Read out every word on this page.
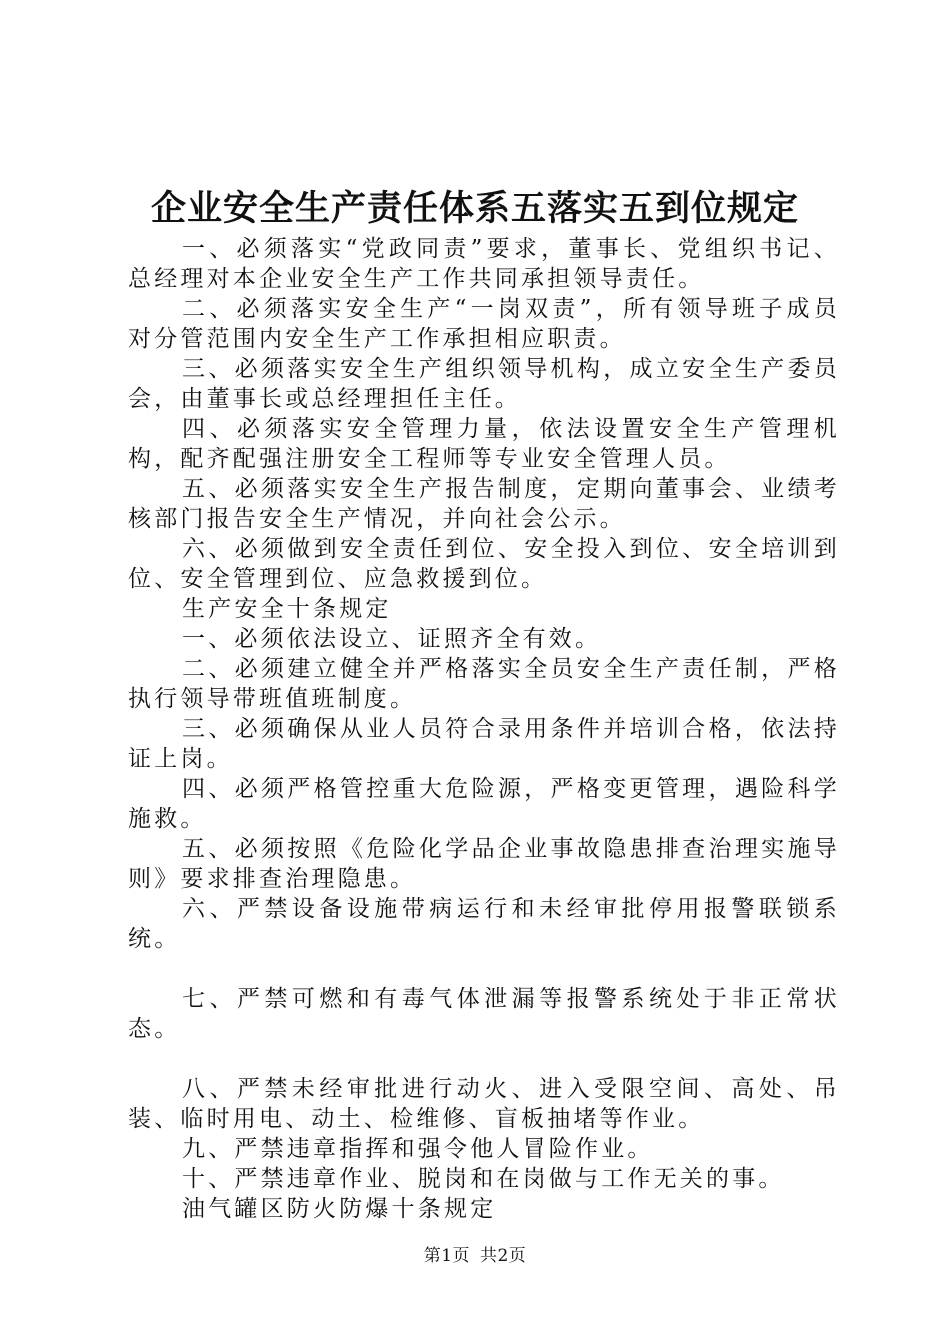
企业安全生产责任体系五落实五到位规定

一、必须落实“党政同责”要求，董事长、党组织书记、总经理对本企业安全生产工作共同承担领导责任。

二、必须落实安全生产“一岗双责”，所有领导班子成员对分管范围内安全生产工作承担相应职责。

三、必须落实安全生产组织领导机构，成立安全生产委员会，由董事长或总经理担任主任。

四、必须落实安全管理力量，依法设置安全生产管理机构，配齐配强注册安全工程师等专业安全管理人员。

五、必须落实安全生产报告制度，定期向董事会、业绩考核部门报告安全生产情况，并向社会公示。

六、必须做到安全责任到位、安全投入到位、安全培训到位、安全管理到位、应急救援到位。

生产安全十条规定

一、必须依法设立、证照齐全有效。

二、必须建立健全并严格落实全员安全生产责任制，严格执行领导带班值班制度。

三、必须确保从业人员符合录用条件并培训合格，依法持证上岗。

四、必须严格管控重大危险源，严格变更管理，遇险科学施救。

五、必须按照《危险化学品企业事故隐患排查治理实施导则》要求排查治理隐患。

六、严禁设备设施带病运行和未经审批停用报警联锁系统。

七、严禁可燃和有毒气体泄漏等报警系统处于非正常状态。

八、严禁未经审批进行动火、进入受限空间、高处、吊装、临时用电、动土、检维修、盲板抽堵等作业。

九、严禁违章指挥和强令他人冒险作业。

十、严禁违章作业、脱岗和在岗做与工作无关的事。

油气罐区防火防爆十条规定

第1页 共2页
